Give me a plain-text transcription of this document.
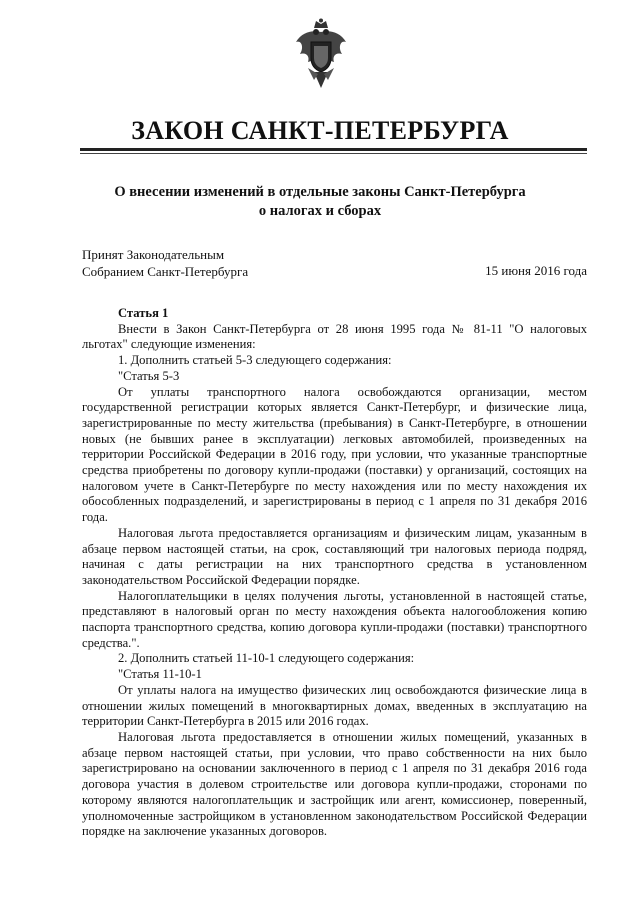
ЗАКОН САНКТ-ПЕТЕРБУРГА
О внесении изменений в отдельные законы Санкт-Петербурга
о налогах и сборах
Принят Законодательным
Собранием Санкт-Петербурга	15 июня 2016 года

Статья 1

Внести в Закон Санкт-Петербурга от 28 июня 1995 года № 81-11 "О налоговых льготах" следующие изменения:

1. Дополнить статьей 5-3 следующего содержания:

"Статья 5-3

От уплаты транспортного налога освобождаются организации, местом государственной регистрации которых является Санкт-Петербург, и физические лица, зарегистрированные по месту жительства (пребывания) в Санкт-Петербурге, в отношении новых (не бывших ранее в эксплуатации) легковых автомобилей, произведенных на территории Российской Федерации в 2016 году, при условии, что указанные транспортные средства приобретены по договору купли-продажи (поставки) у организаций, состоящих на налоговом учете в Санкт-Петербурге по месту нахождения или по месту нахождения их обособленных подразделений, и зарегистрированы в период с 1 апреля по 31 декабря 2016 года.

Налоговая льгота предоставляется организациям и физическим лицам, указанным в абзаце первом настоящей статьи, на срок, составляющий три налоговых периода подряд, начиная с даты регистрации на них транспортного средства в установленном законодательством Российской Федерации порядке.

Налогоплательщики в целях получения льготы, установленной в настоящей статье, представляют в налоговый орган по месту нахождения объекта налогообложения копию паспорта транспортного средства, копию договора купли-продажи (поставки) транспортного средства.".

2. Дополнить статьей 11-10-1 следующего содержания:

"Статья 11-10-1

От уплаты налога на имущество физических лиц освобождаются физические лица в отношении жилых помещений в многоквартирных домах, введенных в эксплуатацию на территории Санкт-Петербурга в 2015 или 2016 годах.

Налоговая льгота предоставляется в отношении жилых помещений, указанных в абзаце первом настоящей статьи, при условии, что право собственности на них было зарегистрировано на основании заключенного в период с 1 апреля по 31 декабря 2016 года договора участия в долевом строительстве или договора купли-продажи, сторонами по которому являются налогоплательщик и застройщик или агент, комиссионер, поверенный, уполномоченные застройщиком в установленном законодательством Российской Федерации порядке на заключение указанных договоров.
